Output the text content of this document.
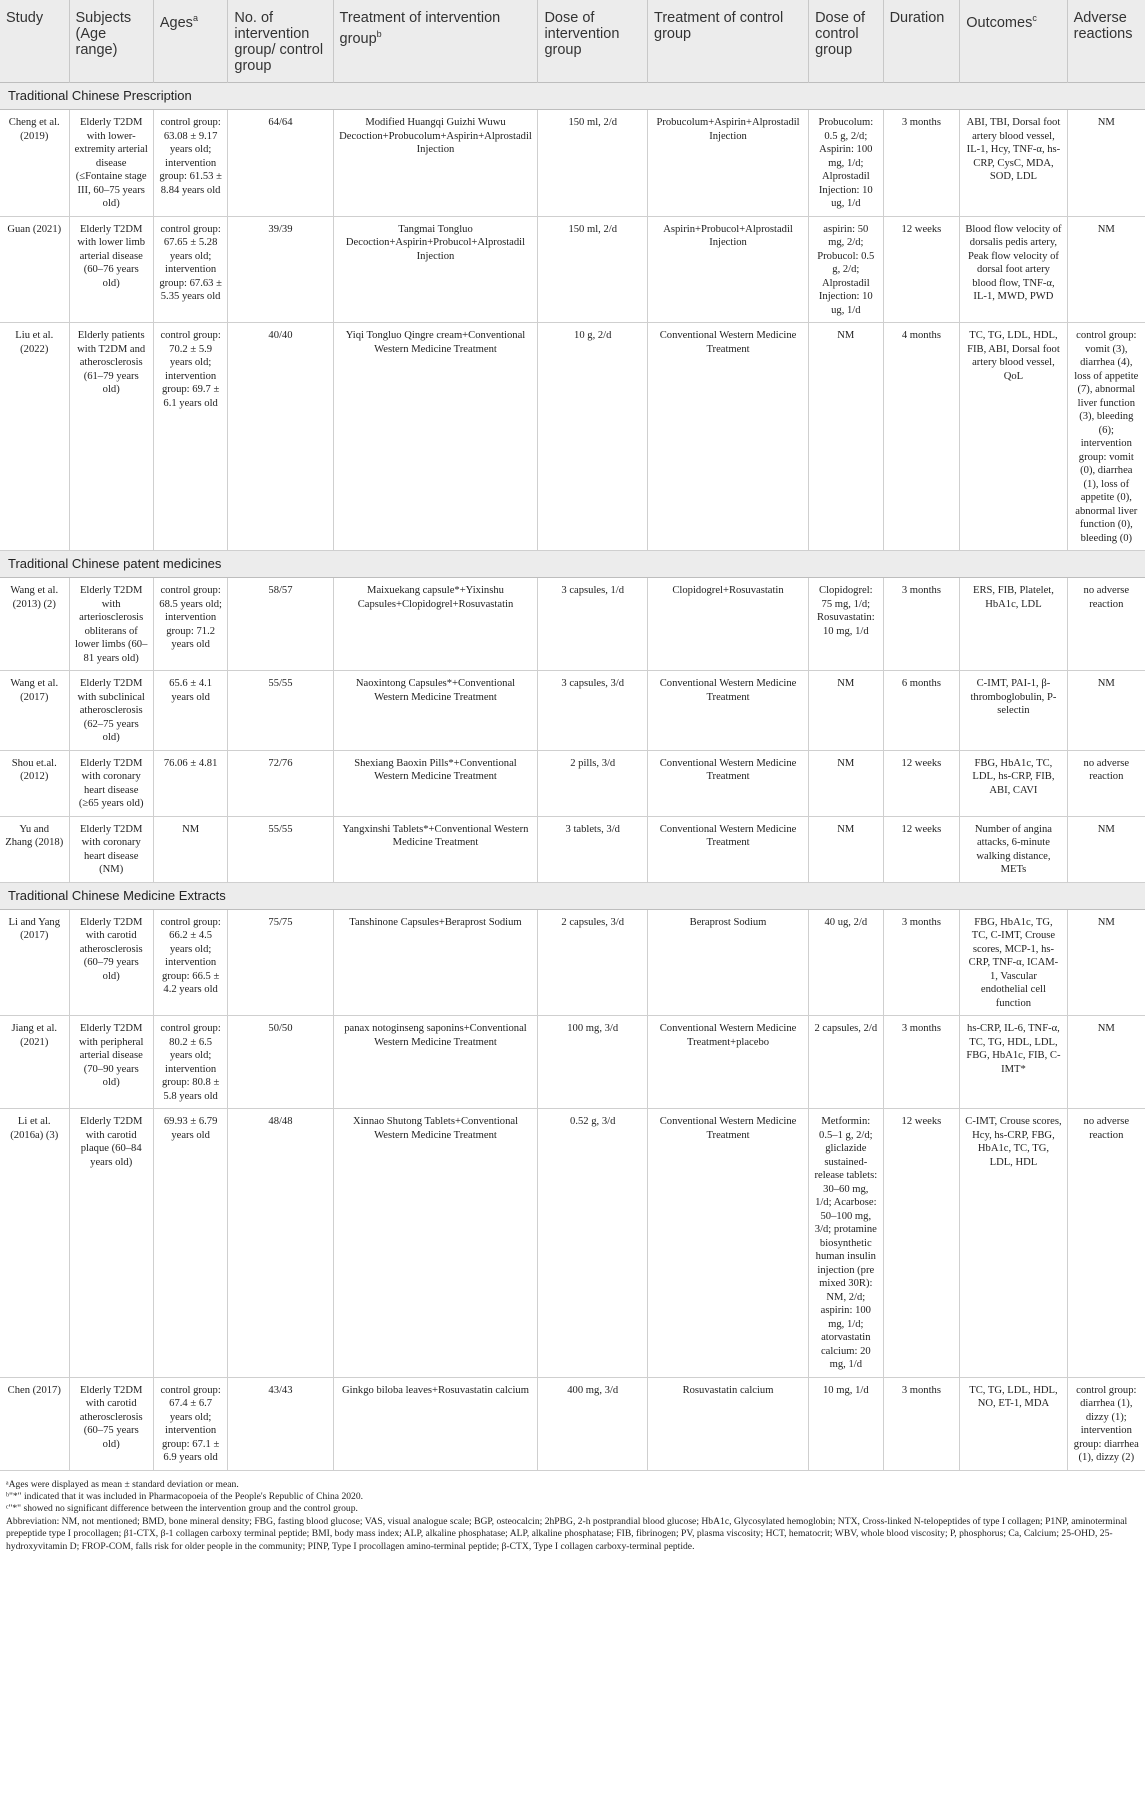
Study	Subjects (Age range)	Ages$^a$	No. of intervention group/ control group	Treatment of intervention group$^b$	Dose of intervention group	Treatment of control group	Dose of control group	Duration	Outcomes$^c$	Adverse reactions
Traditional Chinese Prescription										
Cheng et al. (2019)	Elderly T2DM with lower-extremity arterial disease (≤Fontaine stage III, 60–75 years old)	control group: 63.08 ± 9.17 years old; intervention group: 61.53 ± 8.84 years old	64/64	Modified Huangqi Guizhi Wuwu Decoction+Probucolum+Aspirin+Alprostadil Injection	150 ml, 2/d	Probucolum+Aspirin+Alprostadil Injection	Probucolum: 0.5 g, 2/d; Aspirin: 100 mg, 1/d; Alprostadil Injection: 10 ug, 1/d	3 months	ABI, TBI, Dorsal foot artery blood vessel, IL-1, Hcy, TNF-α, hs-CRP, CysC, MDA, SOD, LDL	NM
Guan (2021)	Elderly T2DM with lower limb arterial disease (60–76 years old)	control group: 67.65 ± 5.28 years old; intervention group: 67.63 ± 5.35 years old	39/39	Tangmai Tongluo Decoction+Aspirin+Probucol+Alprostadil Injection	150 ml, 2/d	Aspirin+Probucol+Alprostadil Injection	aspirin: 50 mg, 2/d; Probucol: 0.5 g, 2/d; Alprostadil Injection: 10 ug, 1/d	12 weeks	Blood flow velocity of dorsalis pedis artery, Peak flow velocity of dorsal foot artery blood flow, TNF-α, IL-1, MWD, PWD	NM
Liu et al. (2022)	Elderly patients with T2DM and atherosclerosis (61–79 years old)	control group: 70.2 ± 5.9 years old; intervention group: 69.7 ± 6.1 years old	40/40	Yiqi Tongluo Qingre cream+Conventional Western Medicine Treatment	10 g, 2/d	Conventional Western Medicine Treatment	NM	4 months	TC, TG, LDL, HDL, FIB, ABI, Dorsal foot artery blood vessel, QoL	control group: vomit (3), diarrhea (4), loss of appetite (7), abnormal liver function (3), bleeding (6); intervention group: vomit (0), diarrhea (1), loss of appetite (0), abnormal liver function (0), bleeding (0)
Traditional Chinese patent medicines										
Wang et al. (2013) (2)	Elderly T2DM with arteriosclerosis obliterans of lower limbs (60–81 years old)	control group: 68.5 years old; intervention group: 71.2 years old	58/57	Maixuekang capsule*+Yixinshu Capsules+Clopidogrel+Rosuvastatin	3 capsules, 1/d	Clopidogrel+Rosuvastatin	Clopidogrel: 75 mg, 1/d; Rosuvastatin: 10 mg, 1/d	3 months	ERS, FIB, Platelet, HbA1c, LDL	no adverse reaction
Wang et al. (2017)	Elderly T2DM with subclinical atherosclerosis (62–75 years old)	65.6 ± 4.1 years old	55/55	Naoxintong Capsules*+Conventional Western Medicine Treatment	3 capsules, 3/d	Conventional Western Medicine Treatment	NM	6 months	C-IMT, PAI-1, β-thromboglobulin, P-selectin	NM
Shou et.al. (2012)	Elderly T2DM with coronary heart disease (≥65 years old)	76.06 ± 4.81	72/76	Shexiang Baoxin Pills*+Conventional Western Medicine Treatment	2 pills, 3/d	Conventional Western Medicine Treatment	NM	12 weeks	FBG, HbA1c, TC, LDL, hs-CRP, FIB, ABI, CAVI	no adverse reaction
Yu and Zhang (2018)	Elderly T2DM with coronary heart disease (NM)	NM	55/55	Yangxinshi Tablets*+Conventional Western Medicine Treatment	3 tablets, 3/d	Conventional Western Medicine Treatment	NM	12 weeks	Number of angina attacks, 6-minute walking distance, METs	NM
Traditional Chinese Medicine Extracts										
Li and Yang (2017)	Elderly T2DM with carotid atherosclerosis (60–79 years old)	control group: 66.2 ± 4.5 years old; intervention group: 66.5 ± 4.2 years old	75/75	Tanshinone Capsules+Beraprost Sodium	2 capsules, 3/d	Beraprost Sodium	40 ug, 2/d	3 months	FBG, HbA1c, TG, TC, C-IMT, Crouse scores, MCP-1, hs-CRP, TNF-α, ICAM-1, Vascular endothelial cell function	NM
Jiang et al. (2021)	Elderly T2DM with peripheral arterial disease (70–90 years old)	control group: 80.2 ± 6.5 years old; intervention group: 80.8 ± 5.8 years old	50/50	panax notoginseng saponins+Conventional Western Medicine Treatment	100 mg, 3/d	Conventional Western Medicine Treatment+placebo	2 capsules, 2/d	3 months	hs-CRP, IL-6, TNF-α, TC, TG, HDL, LDL, FBG, HbA1c, FIB, C-IMT*	NM
Li et al. (2016a) (3)	Elderly T2DM with carotid plaque (60–84 years old)	69.93 ± 6.79 years old	48/48	Xinnao Shutong Tablets+Conventional Western Medicine Treatment	0.52 g, 3/d	Conventional Western Medicine Treatment	Metformin: 0.5–1 g, 2/d; gliclazide sustained-release tablets: 30–60 mg, 1/d; Acarbose: 50–100 mg, 3/d; protamine biosynthetic human insulin injection (pre mixed 30R): NM, 2/d; aspirin: 100 mg, 1/d; atorvastatin calcium: 20 mg, 1/d	12 weeks	C-IMT, Crouse scores, Hcy, hs-CRP, FBG, HbA1c, TC, TG, LDL, HDL	no adverse reaction
Chen (2017)	Elderly T2DM with carotid atherosclerosis (60–75 years old)	control group: 67.4 ± 6.7 years old; intervention group: 67.1 ± 6.9 years old	43/43	Ginkgo biloba leaves+Rosuvastatin calcium	400 mg, 3/d	Rosuvastatin calcium	10 mg, 1/d	3 months	TC, TG, LDL, HDL, NO, ET-1, MDA	control group: diarrhea (1), dizzy (1); intervention group: diarrhea (1), dizzy (2)

ᵃAges were displayed as mean ± standard deviation or mean.

ᵇ"*" indicated that it was included in Pharmacopoeia of the People's Republic of China 2020.

ᶜ"*" showed no significant difference between the intervention group and the control group.

Abbreviation: NM, not mentioned; BMD, bone mineral density; FBG, fasting blood glucose; VAS, visual analogue scale; BGP, osteocalcin; 2hPBG, 2-h postprandial blood glucose; HbA1c, Glycosylated hemoglobin; NTX, Cross-linked N-telopeptides of type I collagen; P1NP, aminoterminal prepeptide type I procollagen; β1-CTX, β-1 collagen carboxy terminal peptide; BMI, body mass index; ALP, alkaline phosphatase; ALP, alkaline phosphatase; FIB, fibrinogen; PV, plasma viscosity; HCT, hematocrit; WBV, whole blood viscosity; P, phosphorus; Ca, Calcium; 25-OHD, 25-hydroxyvitamin D; FROP-COM, falls risk for older people in the community; PINP, Type I procollagen amino-terminal peptide; β-CTX, Type I collagen carboxy-terminal peptide.
